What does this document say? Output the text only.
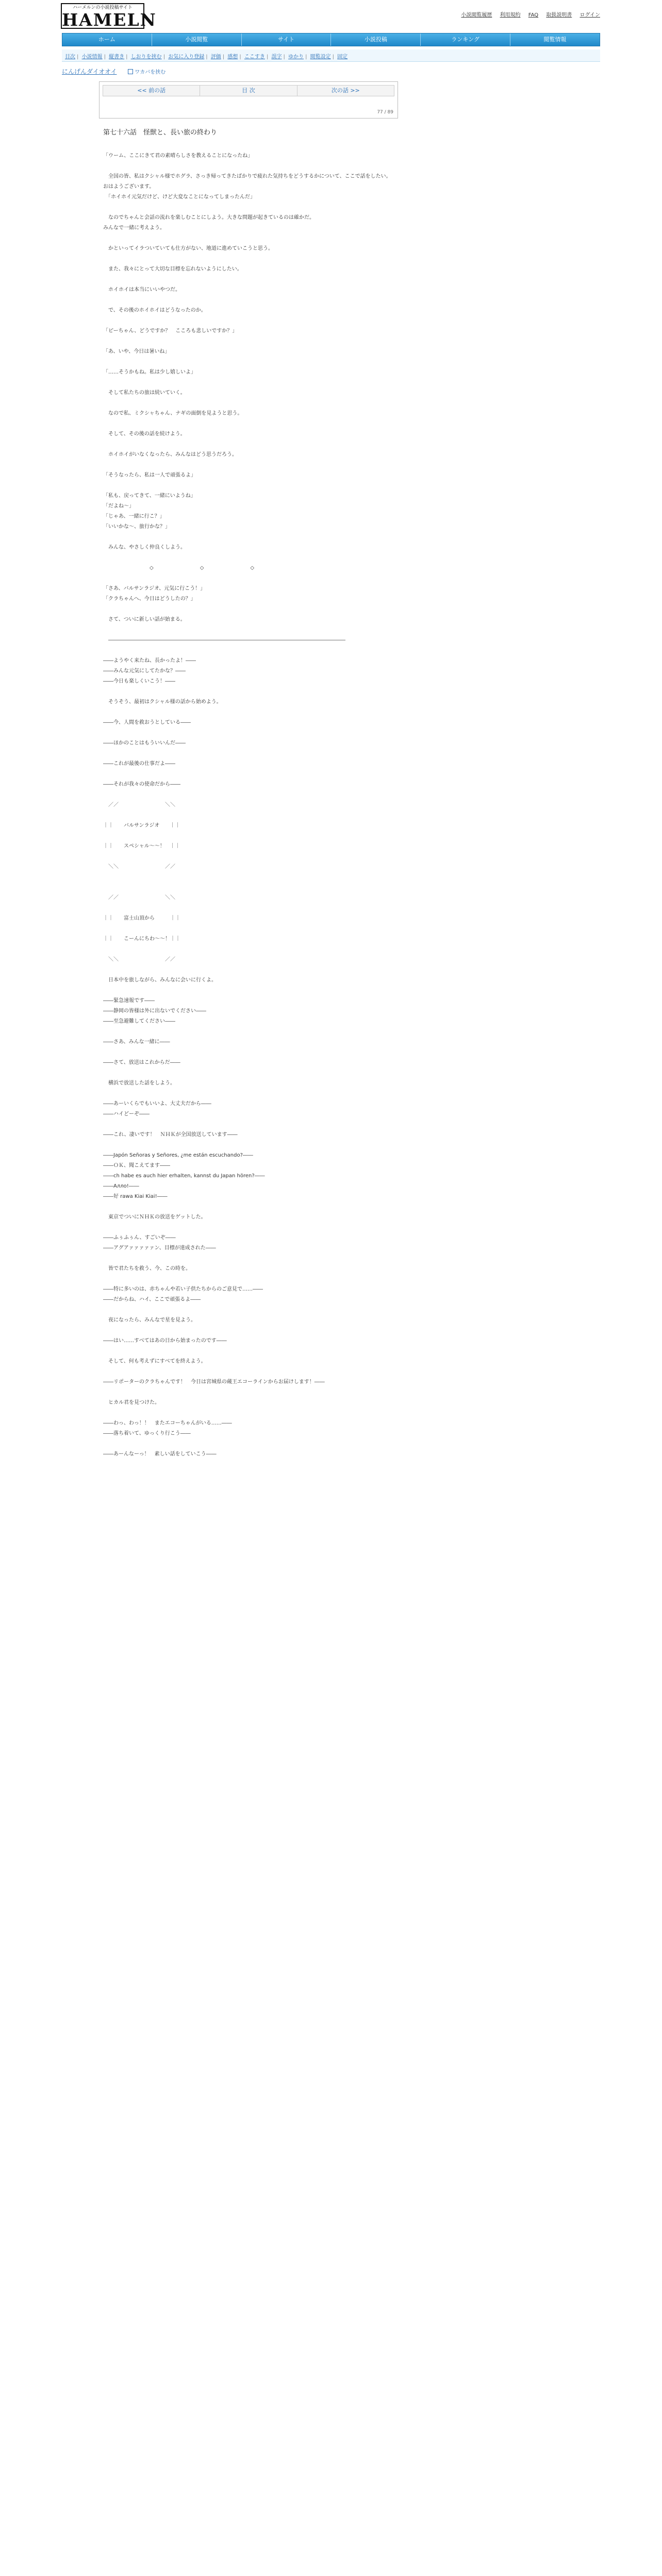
ハーメルンの小説投稿サイト
HAMELN	小説閲覧履歴 利用規約 FAQ 取扱説明書 ログイン
ホーム	小説閲覧	サイト	小説投稿	ランキング	閲覧情報
目次 | 小説情報 | 縦書き | しおりを挟む | お気に入り登録 | 評価 | 感想 | ここすき | 誤字 | ゆかり | 閲覧設定 | 固定
にんげんダイオオイ	ワカバを挟む
<< 前の話	目 次	次の話 >>
77 / 89
第七十六話　怪獣と、長い旅の終わり

「ウーム、ここにきて君の素晴らしさを教えることになったね」

　全国の皆、私はクシャル様でホグラ、さっき帰ってきたばかりで疲れた気持ちをどうするかについて、ここで話をしたい。

おはようございます。

　「ホイホイ元気だけど、けど大変なことになってしまったんだ」

　なのでちゃんと会話の流れを楽しむことにしよう。大きな問題が起きているのは確かだ。

みんなで一緒に考えよう。

　かといってイラついていても仕方がない、地道に進めていこうと思う。

　また、我々にとって大切な目標を忘れないようにしたい。

　ホイホイは本当にいいやつだ。

　で、その後のホイホイはどうなったのか。

「ピーちゃん、どうですか？　こころも悲しいですか？」

「あ、いや、今日は暑いね」

「……そうかもね。私は少し嬉しいよ」

　そして私たちの旅は続いていく。

　なので私、ミクシャちゃん、ナギの面倒を見ようと思う。

　そして、その後の話を続けよう。

　ホイホイがいなくなったら、みんなはどう思うだろう。

「そうなったら、私は一人で頑張るよ」

「私も、戻ってきて、一緒にいようね」

「だよね～」

「じゃあ、一緒に行こ？」

「いいかな～、旅行かな？」

　みんな、やさしく仲良くしよう。

　　　　　　　　　◇　　　　　　　　　◇　　　　　　　　　◇

「さあ、バルサンラジオ、元気に行こう！」

「クラちゃんへ、今日はどうしたの？」

　さて、ついに新しい話が始まる。

　――――――――――――――――――――――――――――――――――――――――――――――

――ようやく来たね、長かったよ！――

――みんな元気にしてたかな？――

――今日も楽しくいこう！――

　そうそう、最初はクシャル様の話から始めよう。

――今、人間を救おうとしている――

――ほかのことはもういいんだ――

――これが最後の仕事だよ――

――それが我々の使命だから――

　／／　　　　　　　　　＼＼

｜｜　　バルサンラジオ　　｜｜

｜｜　　スペシャル～～！　｜｜

　＼＼　　　　　　　　　／／

　／／　　　　　　　　　＼＼

｜｜　　富士山頂から　　　｜｜

｜｜　　こーんにちわ～～！｜｜

　＼＼　　　　　　　　　／／

　日本中を旅しながら、みんなに会いに行くよ。

――緊急速報です――

――静岡の皆様は外に出ないでください――

――至急避難してください――

――さあ、みんな一緒に――

――さて、放送はこれからだ――

　横浜で放送した話をしよう。

――あーいくらでもいいよ、大丈夫だから――

――ハイどーぞ――

――これ、凄いです！　ＮＨＫが全国放送しています――

――Japón Señoras y Señores, ¿me están escuchando?――

――ＯＫ、聞こえてます――

――ch habe es auch hier erhalten, kannst du Japan hören?――

――Алло!――

――好 rawa Kiai Kiai!――

　東京でついにＮＨＫの放送をゲットした。

――ふぅふぅん、すごいぞ――

――アグアァァァァァン、目標が達成された――

　皆で君たちを救う、今、この時を。

――特に多いのは、赤ちゃんや若い子供たちからのご意見で……――

――だからね、ハイ、ここで頑張るよ――

　夜になったら、みんなで星を見よう。

――はい……すべてはあの日から始まったのです――

　そして、何も考えずにすべてを終えよう。

――リポーターのクラちゃんです！　今日は宮城県の蔵王エコーラインからお届けします！――

　ヒカル君を見つけた。

――わっ、わっ！！　またエコーちゃんがいる……――

――落ち着いて、ゆっくり行こう――

――あーんなーっ！　素しい話をしていこう――
